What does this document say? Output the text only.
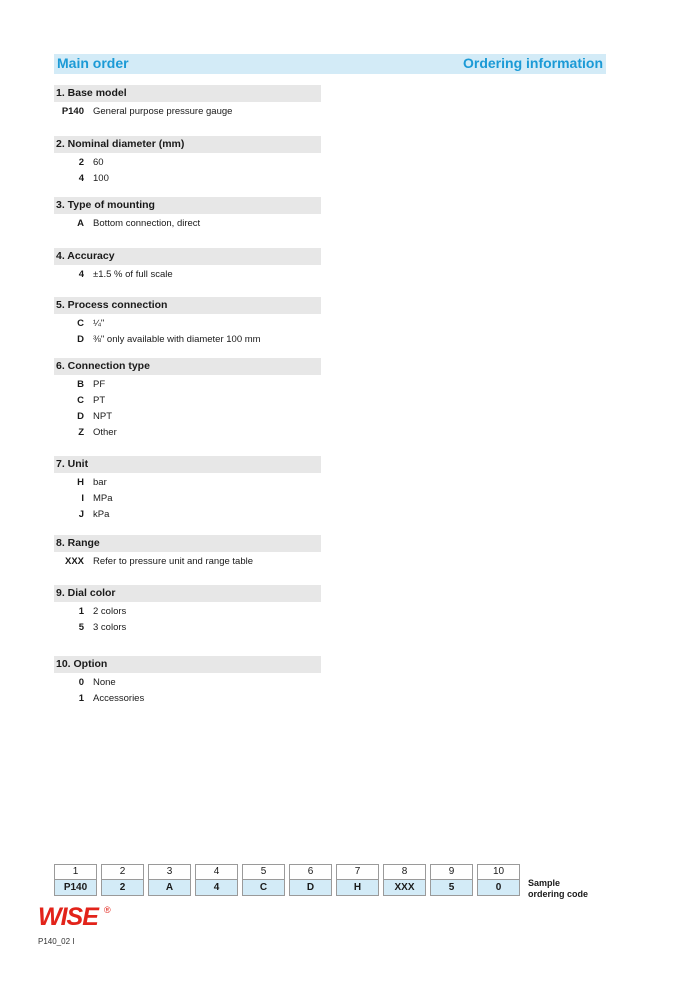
Main order	Ordering information
1. Base model
P140 General purpose pressure gauge
2. Nominal diameter (mm)
2 60
4 100
3. Type of mounting
A Bottom connection, direct
4. Accuracy
4 ±1.5 % of full scale
5. Process connection
C ¼"
D ⅜" only available with diameter 100 mm
6. Connection type
B PF
C PT
D NPT
Z Other
7. Unit
H bar
I MPa
J kPa
8. Range
XXX Refer to pressure unit and range table
9. Dial color
1 2 colors
5 3 colors
10. Option
0 None
1 Accessories
1
P140
2
2
3
A
4
4
5
C
6
D
7
H
8
XXX
9
5
10
0	Sample
ordering code
WISE ®
P140_02 I
